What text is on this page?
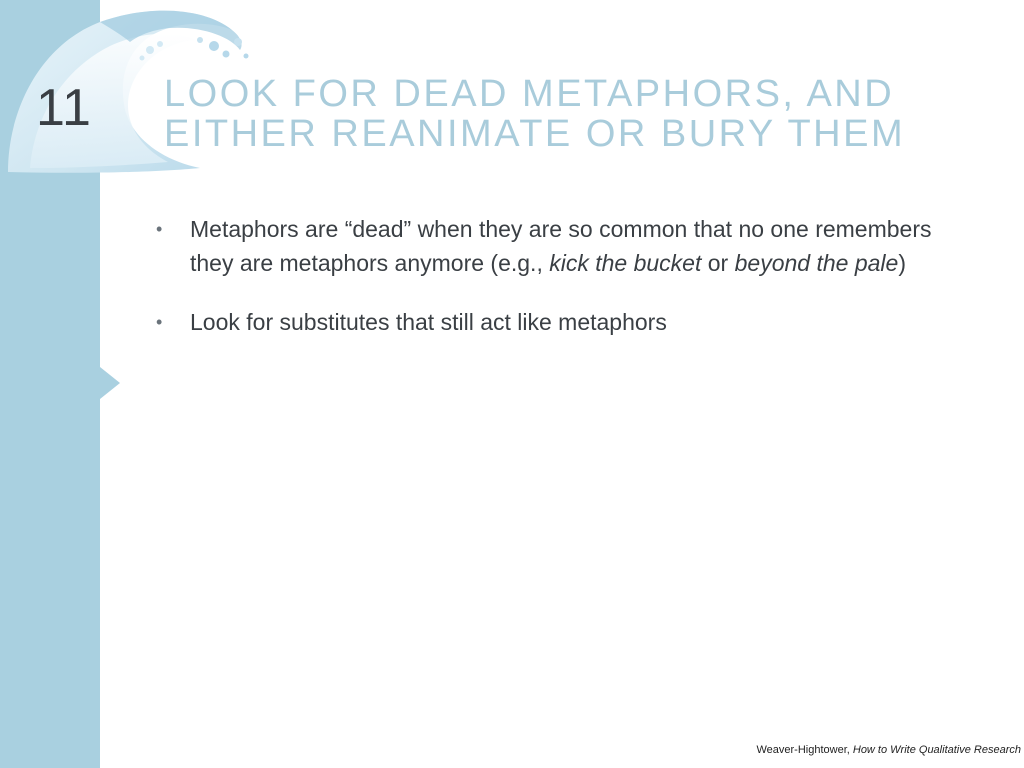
11 LOOK FOR DEAD METAPHORS, AND
EITHER REANIMATE OR BURY THEM
• Metaphors are “dead” when they are so common that no one remembers they are metaphors anymore (e.g., kick the bucket or beyond the pale)
• Look for substitutes that still act like metaphors
Weaver-Hightower, How to Write Qualitative Research
